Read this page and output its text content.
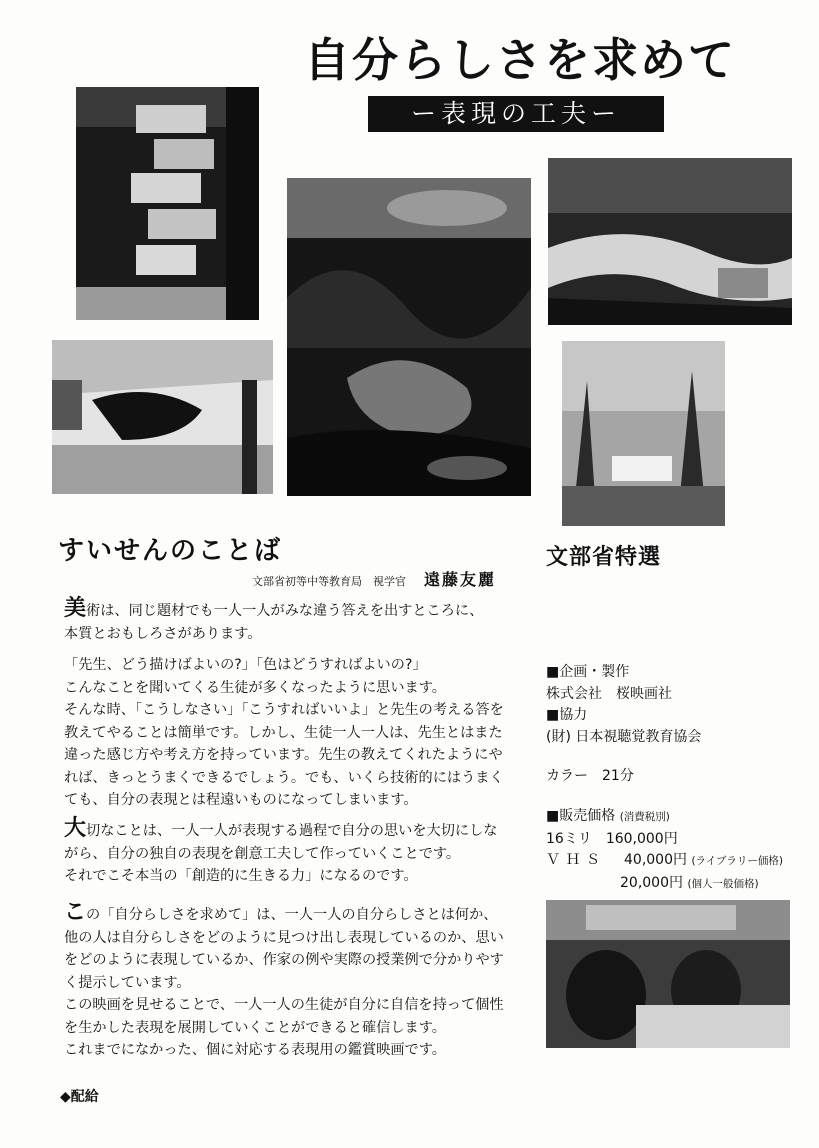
自分らしさを求めて
ー表現の工夫ー
すいせんのことば
文部省初等中等教育局　視学官 遠藤友麗
文部省特選

美術は、同じ題材でも一人一人がみな違う答えを出すところに、

本質とおもしろさがあります。

「先生、どう描けばよいの?」「色はどうすればよいの?」

こんなことを聞いてくる生徒が多くなったように思います。

そんな時、「こうしなさい」「こうすればいいよ」と先生の考える答を

教えてやることは簡単です。しかし、生徒一人一人は、先生とはまた

違った感じ方や考え方を持っています。先生の教えてくれたようにや

れば、きっとうまくできるでしょう。でも、いくら技術的にはうまく

ても、自分の表現とは程遠いものになってしまいます。

大切なことは、一人一人が表現する過程で自分の思いを大切にしな

がら、自分の独自の表現を創意工夫して作っていくことです。

それでこそ本当の「創造的に生きる力」になるのです。

この「自分らしさを求めて」は、一人一人の自分らしさとは何か、

他の人は自分らしさをどのように見つけ出し表現しているのか、思い

をどのように表現しているか、作家の例や実際の授業例で分かりやす

く提示しています。

この映画を見せることで、一人一人の生徒が自分に自信を持って個性

を生かした表現を展開していくことができると確信します。

これまでになかった、個に対応する表現用の鑑賞映画です。

■企画・製作

株式会社　桜映画社

■協力

(財) 日本視聴覚教育協会

カラー　21分

■販売価格 (消費税別)

16ミリ　160,000円

ＶＨＳ 40,000円 (ライブラリー価格)

20,000円 (個人一般価格)

◆配給
